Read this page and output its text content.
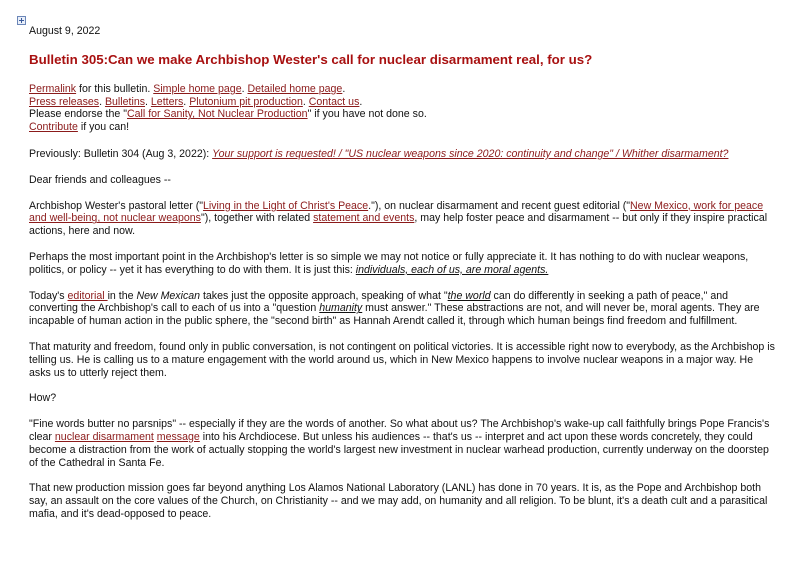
August 9, 2022

Bulletin 305:Can we make Archbishop Wester's call for nuclear disarmament real, for us?
Permalink for this bulletin. Simple home page. Detailed home page.
Press releases. Bulletins. Letters. Plutonium pit production. Contact us.
Please endorse the "Call for Sanity, Not Nuclear Production" if you have not done so.
Contribute if you can!

Previously: Bulletin 304 (Aug 3, 2022): Your support is requested! / "US nuclear weapons since 2020: continuity and change" / Whither disarmament?

Dear friends and colleagues --

Archbishop Wester's pastoral letter ("Living in the Light of Christ's Peace."), on nuclear disarmament and recent guest editorial ("New Mexico, work for peace and well-being, not nuclear weapons"), together with related statement and events, may help foster peace and disarmament -- but only if they inspire practical actions, here and now.

Perhaps the most important point in the Archbishop's letter is so simple we may not notice or fully appreciate it. It has nothing to do with nuclear weapons, politics, or policy -- yet it has everything to do with them. It is just this: individuals, each of us, are moral agents.

Today's editorial in the New Mexican takes just the opposite approach, speaking of what "the world can do differently in seeking a path of peace," and converting the Archbishop's call to each of us into a "question humanity must answer." These abstractions are not, and will never be, moral agents. They are incapable of human action in the public sphere, the "second birth" as Hannah Arendt called it, through which human beings find freedom and fulfillment.

That maturity and freedom, found only in public conversation, is not contingent on political victories. It is accessible right now to everybody, as the Archbishop is telling us. He is calling us to a mature engagement with the world around us, which in New Mexico happens to involve nuclear weapons in a major way. He asks us to utterly reject them.

How?

"Fine words butter no parsnips" -- especially if they are the words of another. So what about us? The Archbishop's wake-up call faithfully brings Pope Francis's clear nuclear disarmament message into his Archdiocese. But unless his audiences -- that's us -- interpret and act upon these words concretely, they could become a distraction from the work of actually stopping the world's largest new investment in nuclear warhead production, currently underway on the doorstep of the Cathedral in Santa Fe.

That new production mission goes far beyond anything Los Alamos National Laboratory (LANL) has done in 70 years. It is, as the Pope and Archbishop both say, an assault on the core values of the Church, on Christianity -- and we may add, on humanity and all religion. To be blunt, it's a death cult and a parasitical mafia, and it's dead-opposed to peace.
